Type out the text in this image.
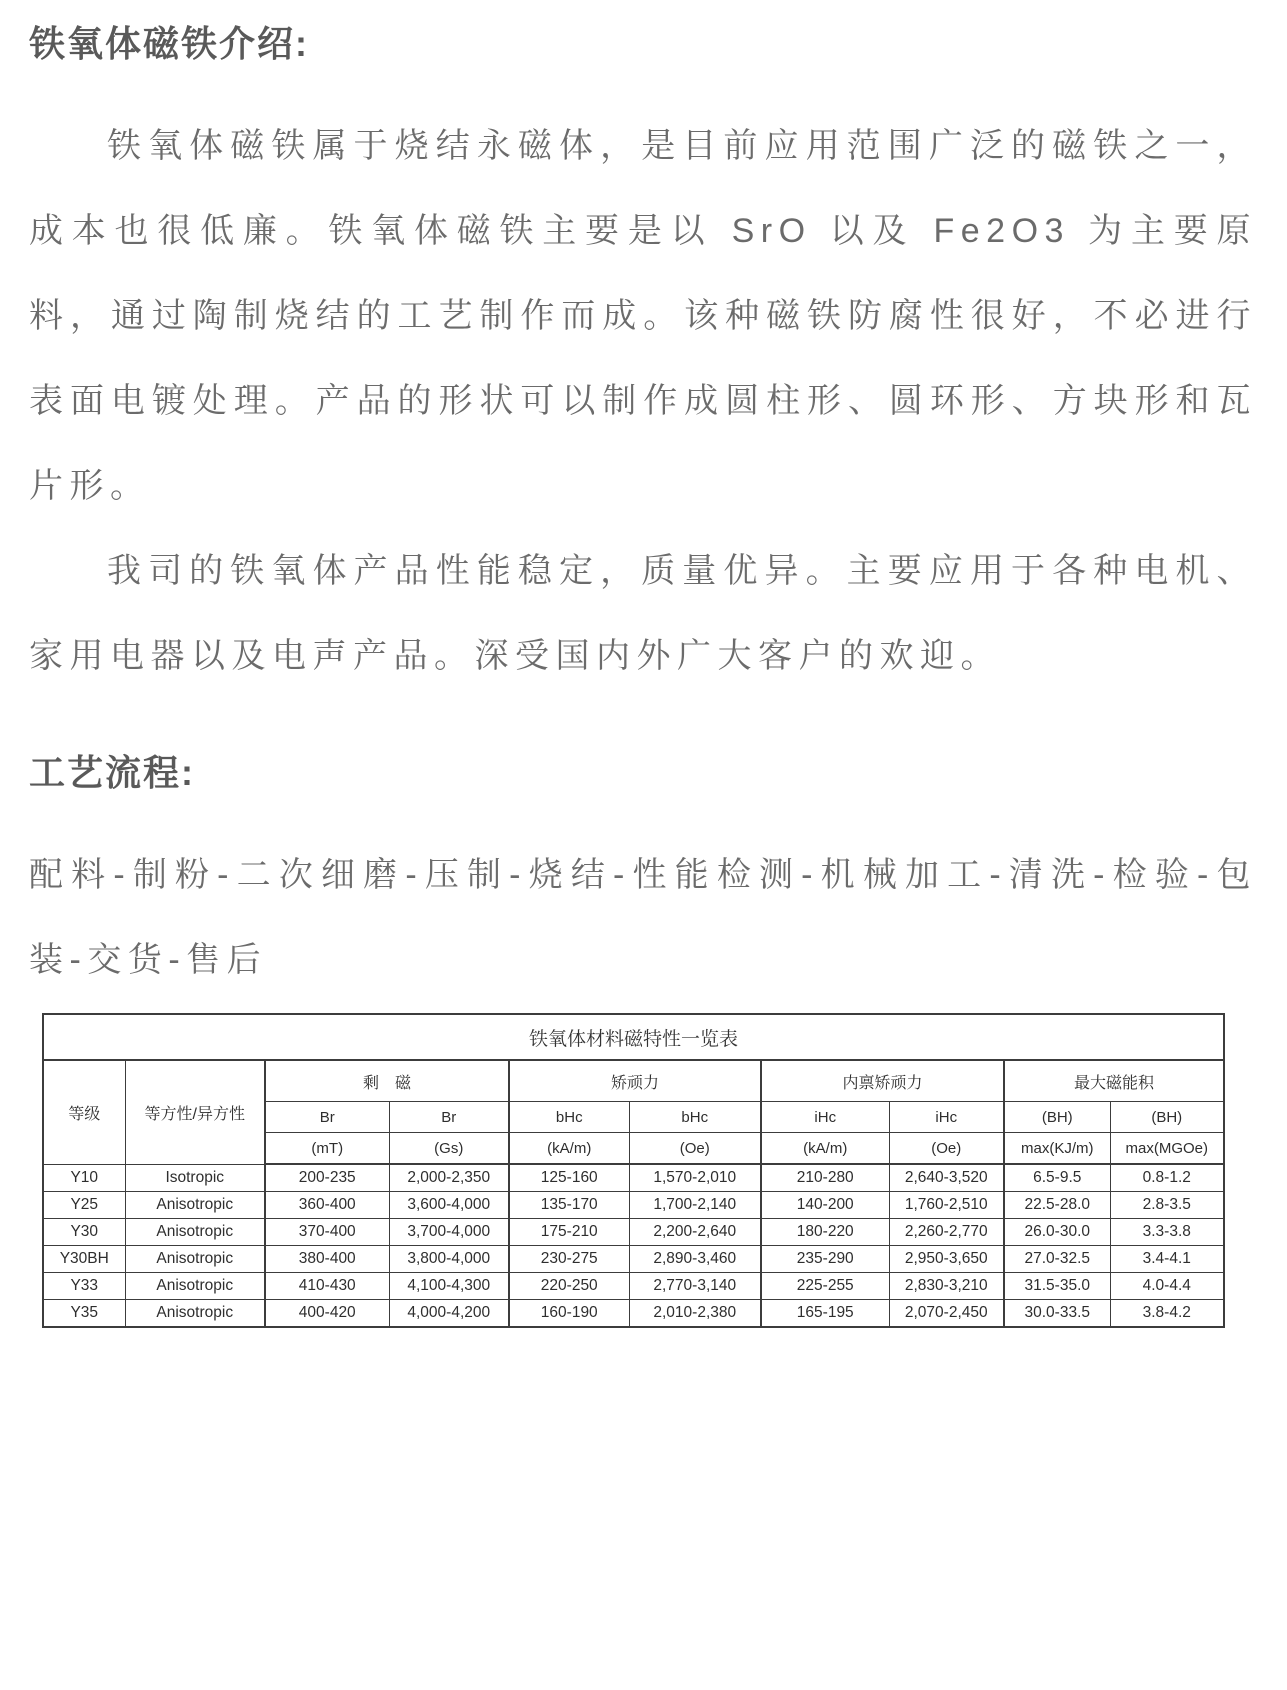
铁氧体磁铁介绍:

铁氧体磁铁属于烧结永磁体，是目前应用范围广泛的磁铁之一，成本也很低廉。铁氧体磁铁主要是以 SrO 以及 Fe2O3 为主要原料，通过陶制烧结的工艺制作而成。该种磁铁防腐性很好，不必进行表面电镀处理。产品的形状可以制作成圆柱形、圆环形、方块形和瓦片形。

我司的铁氧体产品性能稳定，质量优异。主要应用于各种电机、家用电器以及电声产品。深受国内外广大客户的欢迎。

工艺流程:

配料-制粉-二次细磨-压制-烧结-性能检测-机械加工-清洗-检验-包装-交货-售后

铁氧体材料磁特性一览表									
等级	等方性/异方性	剩　磁		矫顽力		内禀矫顽力		最大磁能积	
		Br	Br	bHc	bHc	iHc	iHc	(BH)	(BH)
		(mT)	(Gs)	(kA/m)	(Oe)	(kA/m)	(Oe)	max(KJ/m)	max(MGOe)
Y10	Isotropic	200-235	2,000-2,350	125-160	1,570-2,010	210-280	2,640-3,520	6.5-9.5	0.8-1.2
Y25	Anisotropic	360-400	3,600-4,000	135-170	1,700-2,140	140-200	1,760-2,510	22.5-28.0	2.8-3.5
Y30	Anisotropic	370-400	3,700-4,000	175-210	2,200-2,640	180-220	2,260-2,770	26.0-30.0	3.3-3.8
Y30BH	Anisotropic	380-400	3,800-4,000	230-275	2,890-3,460	235-290	2,950-3,650	27.0-32.5	3.4-4.1
Y33	Anisotropic	410-430	4,100-4,300	220-250	2,770-3,140	225-255	2,830-3,210	31.5-35.0	4.0-4.4
Y35	Anisotropic	400-420	4,000-4,200	160-190	2,010-2,380	165-195	2,070-2,450	30.0-33.5	3.8-4.2
